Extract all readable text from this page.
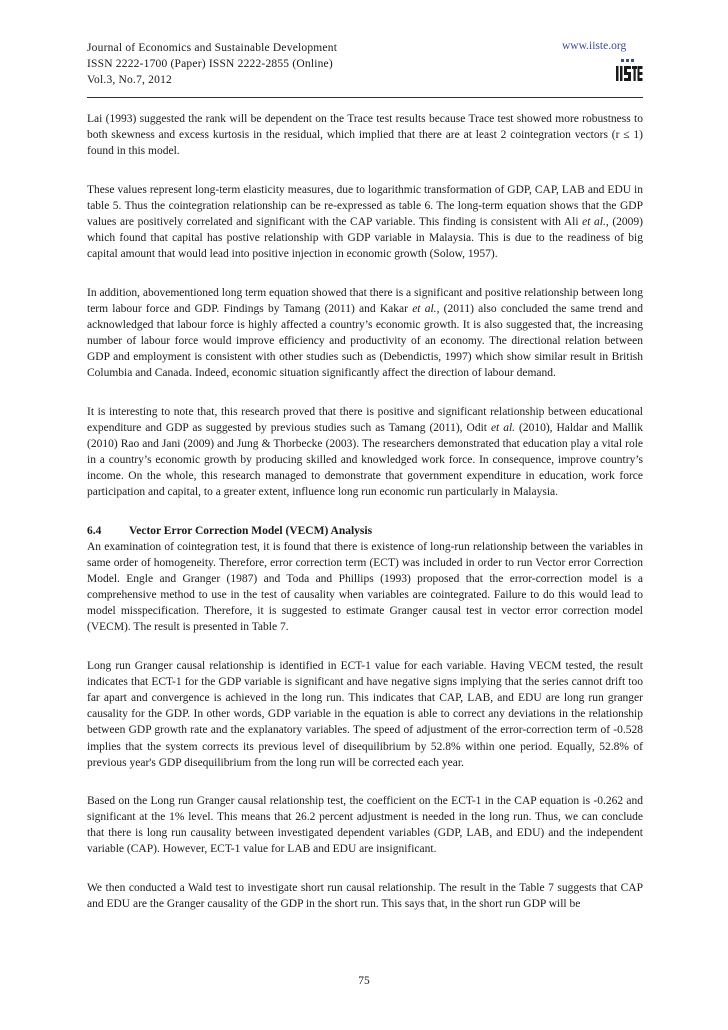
Journal of Economics and Sustainable Development
ISSN 2222-1700 (Paper) ISSN 2222-2855 (Online)
Vol.3, No.7, 2012
www.iiste.org

Lai (1993) suggested the rank will be dependent on the Trace test results because Trace test showed more robustness to both skewness and excess kurtosis in the residual, which implied that there are at least 2 cointegration vectors (r ≤ 1) found in this model.

These values represent long-term elasticity measures, due to logarithmic transformation of GDP, CAP, LAB and EDU in table 5. Thus the cointegration relationship can be re-expressed as table 6. The long-term equation shows that the GDP values are positively correlated and significant with the CAP variable. This finding is consistent with Ali et al., (2009) which found that capital has postive relationship with GDP variable in Malaysia. This is due to the readiness of big capital amount that would lead into positive injection in economic growth (Solow, 1957).

In addition, abovementioned long term equation showed that there is a significant and positive relationship between long term labour force and GDP. Findings by Tamang (2011) and Kakar et al., (2011) also concluded the same trend and acknowledged that labour force is highly affected a country’s economic growth. It is also suggested that, the increasing number of labour force would improve efficiency and productivity of an economy. The directional relation between GDP and employment is consistent with other studies such as (Debendictis, 1997) which show similar result in British Columbia and Canada. Indeed, economic situation significantly affect the direction of labour demand.

It is interesting to note that, this research proved that there is positive and significant relationship between educational expenditure and GDP as suggested by previous studies such as Tamang (2011), Odit et al. (2010), Haldar and Mallik (2010) Rao and Jani (2009) and Jung & Thorbecke (2003). The researchers demonstrated that education play a vital role in a country’s economic growth by producing skilled and knowledged work force. In consequence, improve country’s income. On the whole, this research managed to demonstrate that government expenditure in education, work force participation and capital, to a greater extent, influence long run economic run particularly in Malaysia.

6.4 Vector Error Correction Model (VECM) Analysis

An examination of cointegration test, it is found that there is existence of long-run relationship between the variables in same order of homogeneity. Therefore, error correction term (ECT) was included in order to run Vector error Correction Model. Engle and Granger (1987) and Toda and Phillips (1993) proposed that the error-correction model is a comprehensive method to use in the test of causality when variables are cointegrated. Failure to do this would lead to model misspecification. Therefore, it is suggested to estimate Granger causal test in vector error correction model (VECM). The result is presented in Table 7.

Long run Granger causal relationship is identified in ECT-1 value for each variable. Having VECM tested, the result indicates that ECT-1 for the GDP variable is significant and have negative signs implying that the series cannot drift too far apart and convergence is achieved in the long run. This indicates that CAP, LAB, and EDU are long run granger causality for the GDP. In other words, GDP variable in the equation is able to correct any deviations in the relationship between GDP growth rate and the explanatory variables. The speed of adjustment of the error-correction term of -0.528 implies that the system corrects its previous level of disequilibrium by 52.8% within one period. Equally, 52.8% of previous year's GDP disequilibrium from the long run will be corrected each year.

Based on the Long run Granger causal relationship test, the coefficient on the ECT-1 in the CAP equation is -0.262 and significant at the 1% level. This means that 26.2 percent adjustment is needed in the long run. Thus, we can conclude that there is long run causality between investigated dependent variables (GDP, LAB, and EDU) and the independent variable (CAP). However, ECT-1 value for LAB and EDU are insignificant.

We then conducted a Wald test to investigate short run causal relationship. The result in the Table 7 suggests that CAP and EDU are the Granger causality of the GDP in the short run. This says that, in the short run GDP will be

75
